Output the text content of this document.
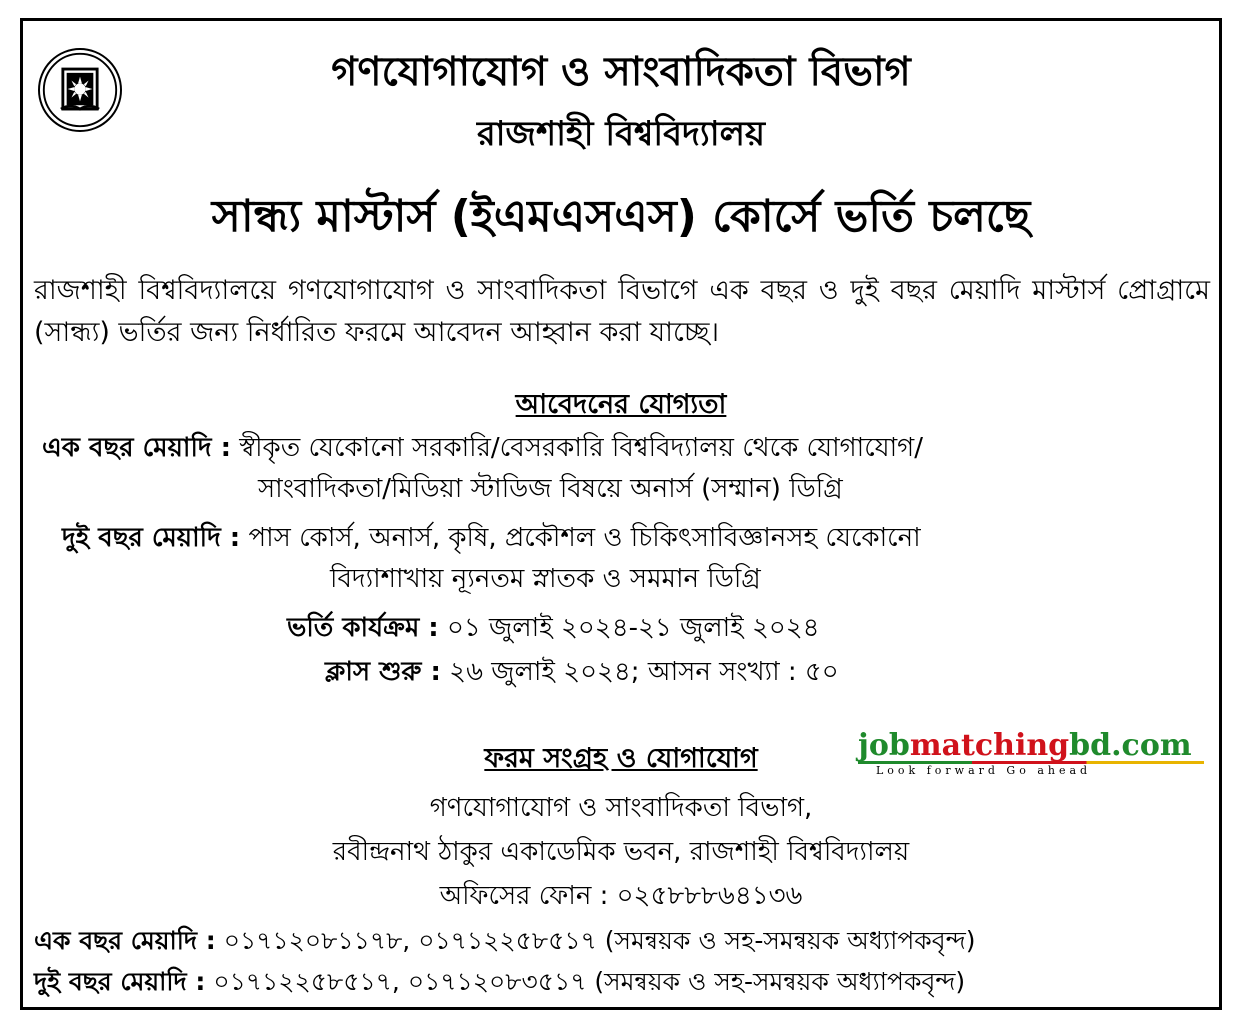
গণযোগাযোগ ও সাংবাদিকতা বিভাগ
রাজশাহী বিশ্ববিদ্যালয়
সান্ধ্য মাস্টার্স (ইএমএসএস) কোর্সে ভর্তি চলছে
রাজশাহী বিশ্ববিদ্যালয়ে গণযোগাযোগ ও সাংবাদিকতা বিভাগে এক বছর ও দুই বছর মেয়াদি মাস্টার্স প্রোগ্রামে (সান্ধ্য) ভর্তির জন্য নির্ধারিত ফরমে আবেদন আহ্বান করা যাচ্ছে।
আবেদনের যোগ্যতা
এক বছর মেয়াদি : স্বীকৃত যেকোনো সরকারি/বেসরকারি বিশ্ববিদ্যালয় থেকে যোগাযোগ/
সাংবাদিকতা/মিডিয়া স্টাডিজ বিষয়ে অনার্স (সম্মান) ডিগ্রি
দুই বছর মেয়াদি : পাস কোর্স, অনার্স, কৃষি, প্রকৌশল ও চিকিৎসাবিজ্ঞানসহ যেকোনো
বিদ্যাশাখায় ন্যূনতম স্নাতক ও সমমান ডিগ্রি
ভর্তি কার্যক্রম : ০১ জুলাই ২০২৪-২১ জুলাই ২০২৪
ক্লাস শুরু : ২৬ জুলাই ২০২৪; আসন সংখ্যা : ৫০
ফরম সংগ্রহ ও যোগাযোগ	jobmatchingbd.com
Look forward Go ahead
গণযোগাযোগ ও সাংবাদিকতা বিভাগ,
রবীন্দ্রনাথ ঠাকুর একাডেমিক ভবন, রাজশাহী বিশ্ববিদ্যালয়
অফিসের ফোন : ০২৫৮৮৮৬৪১৩৬
এক বছর মেয়াদি : ০১৭১২০৮১১৭৮, ০১৭১২২৫৮৫১৭ (সমন্বয়ক ও সহ-সমন্বয়ক অধ্যাপকবৃন্দ)
দুই বছর মেয়াদি : ০১৭১২২৫৮৫১৭, ০১৭১২০৮৩৫১৭ (সমন্বয়ক ও সহ-সমন্বয়ক অধ্যাপকবৃন্দ)
